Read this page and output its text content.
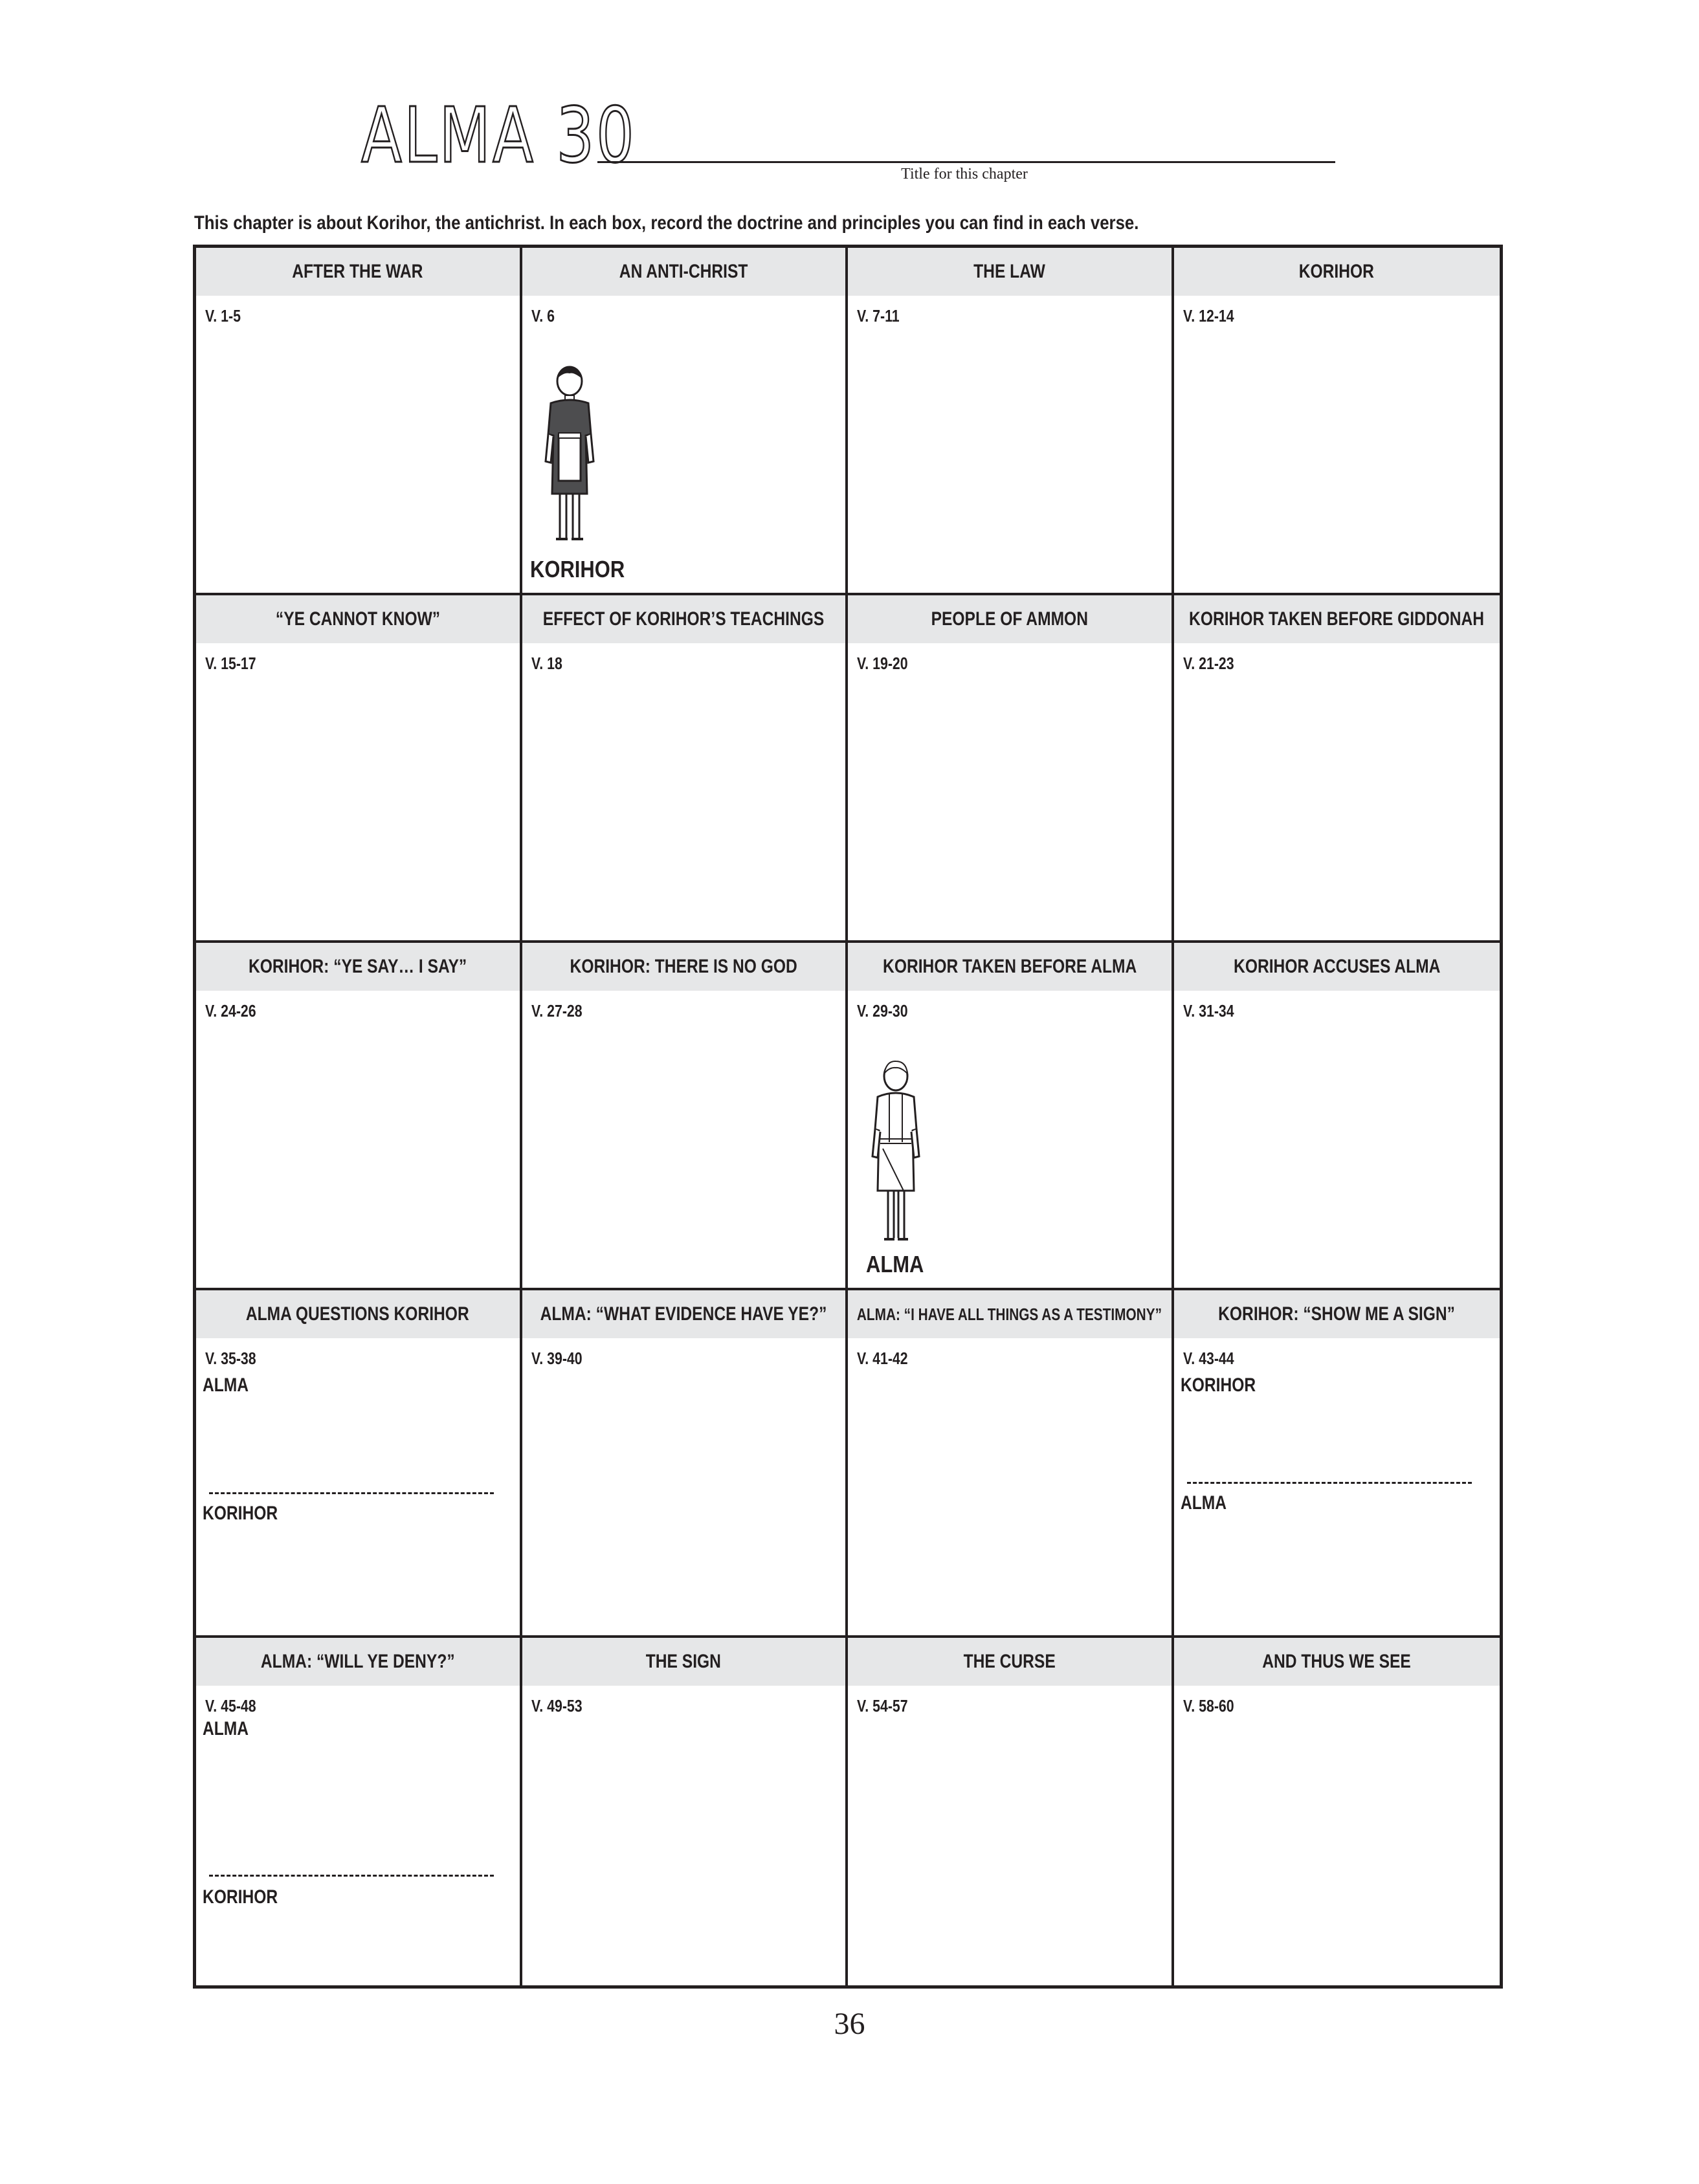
ALMA 30	Title for this chapter
This chapter is about Korihor, the antichrist. In each box, record the doctrine and principles you can find in each verse.
AFTER THE WAR
V. 1-5
AN ANTI-CHRIST
V. 6
KORIHOR
THE LAW
V. 7-11
KORIHOR
V. 12-14
“YE CANNOT KNOW”
V. 15-17
EFFECT OF KORIHOR’S TEACHINGS
V. 18
PEOPLE OF AMMON
V. 19-20
KORIHOR TAKEN BEFORE GIDDONAH
V. 21-23
KORIHOR: “YE SAY… I SAY”
V. 24-26
KORIHOR: THERE IS NO GOD
V. 27-28
KORIHOR TAKEN BEFORE ALMA
V. 29-30
ALMA
KORIHOR ACCUSES ALMA
V. 31-34
ALMA QUESTIONS KORIHOR
V. 35-38
ALMA
KORIHOR
ALMA: “WHAT EVIDENCE HAVE YE?”
V. 39-40
ALMA: “I HAVE ALL THINGS AS A TESTIMONY”
V. 41-42
KORIHOR: “SHOW ME A SIGN”
V. 43-44
KORIHOR
ALMA
ALMA: “WILL YE DENY?”
V. 45-48
ALMA
KORIHOR
THE SIGN
V. 49-53
THE CURSE
V. 54-57
AND THUS WE SEE
V. 58-60
36
